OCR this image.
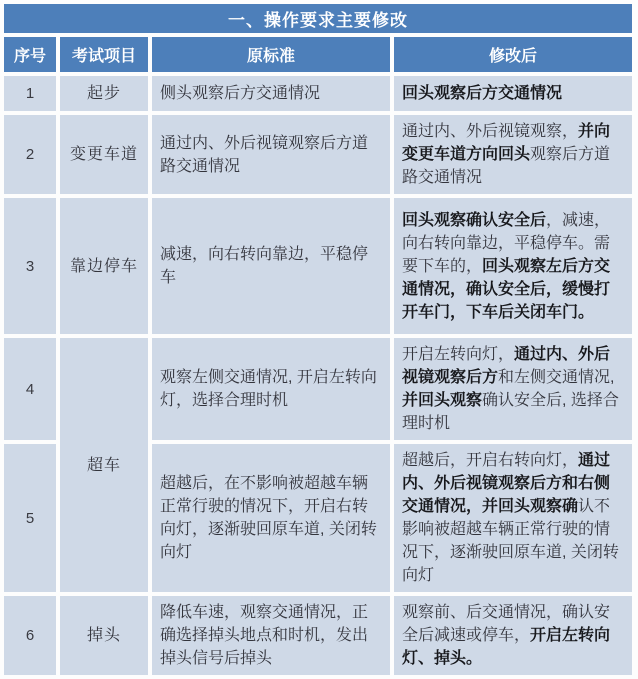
一、操作要求主要修改			
序号	考试项目	原标准	修改后
1	起步	侧头观察后方交通情况	回头观察后方交通情况
2	变更车道	通过内、外后视镜观察后方道路交通情况	通过内、外后视镜观察，并向变更车道方向回头观察后方道路交通情况
3	靠边停车	减速，向右转向靠边，平稳停车	回头观察确认安全后，减速，向右转向靠边，平稳停车。需要下车的，回头观察左后方交通情况，确认安全后，缓慢打开车门，下车后关闭车门。
4	超车	观察左侧交通情况, 开启左转向灯，选择合理时机	开启左转向灯，通过内、外后视镜观察后方和左侧交通情况, 并回头观察确认安全后, 选择合理时机
5		超越后，在不影响被超越车辆正常行驶的情况下，开启右转向灯，逐渐驶回原车道, 关闭转向灯	超越后，开启右转向灯，通过内、外后视镜观察后方和右侧交通情况，并回头观察确认不影响被超越车辆正常行驶的情况下，逐渐驶回原车道, 关闭转向灯
6	掉头	降低车速，观察交通情况，正确选择掉头地点和时机，发出掉头信号后掉头	观察前、后交通情况，确认安全后减速或停车，开启左转向灯、掉头。
